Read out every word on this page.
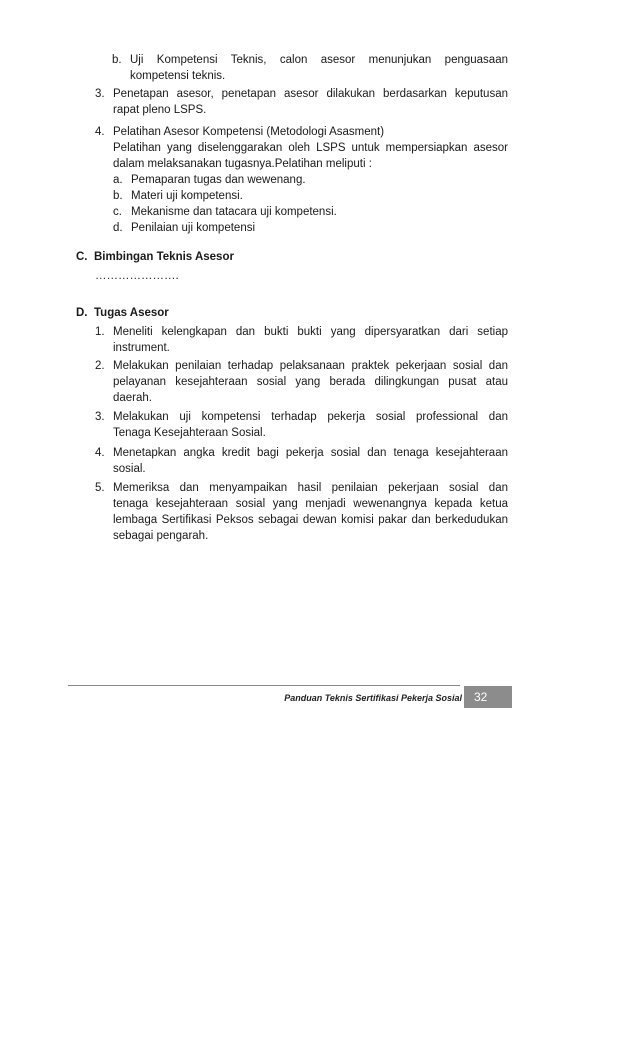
b. Uji Kompetensi Teknis, calon asesor menunjukan penguasaan
kompetensi teknis.
3. Penetapan asesor, penetapan asesor dilakukan berdasarkan keputusan
rapat pleno LSPS.
4. Pelatihan Asesor Kompetensi (Metodologi Asasment)
Pelatihan yang diselenggarakan oleh LSPS untuk mempersiapkan asesor
dalam melaksanakan tugasnya.Pelatihan meliputi :
a. Pemaparan tugas dan wewenang.
b. Materi uji kompetensi.
c. Mekanisme dan tatacara uji kompetensi.
d. Penilaian uji kompetensi
C. Bimbingan Teknis Asesor
………………….
D. Tugas Asesor
1. Meneliti kelengkapan dan bukti bukti yang dipersyaratkan dari setiap
instrument.
2. Melakukan penilaian terhadap pelaksanaan praktek pekerjaan sosial dan
pelayanan kesejahteraan sosial yang berada dilingkungan pusat atau
daerah.
3. Melakukan uji kompetensi terhadap pekerja sosial professional dan
Tenaga Kesejahteraan Sosial.
4. Menetapkan angka kredit bagi pekerja sosial dan tenaga kesejahteraan
sosial.
5. Memeriksa dan menyampaikan hasil penilaian pekerjaan sosial dan
tenaga kesejahteraan sosial yang menjadi wewenangnya kepada ketua
lembaga Sertifikasi Peksos sebagai dewan komisi pakar dan berkedudukan
sebagai pengarah.
Panduan Teknis Sertifikasi Pekerja Sosial	32
